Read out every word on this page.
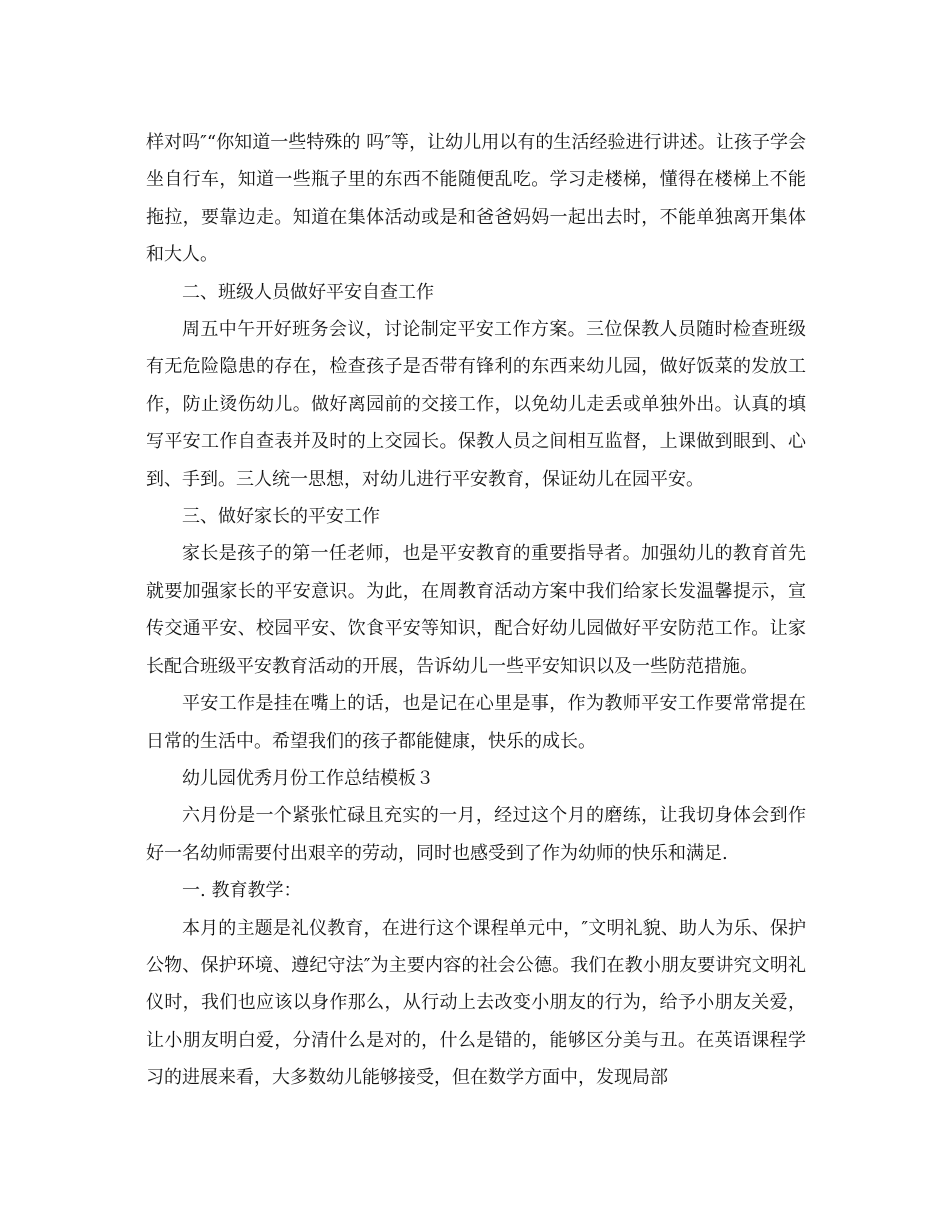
样对吗″“你知道一些特殊的 吗″等，让幼儿用以有的生活经验进行讲述。让孩子学会坐自行车，知道一些瓶子里的东西不能随便乱吃。学习走楼梯，懂得在楼梯上不能拖拉，要靠边走。知道在集体活动或是和爸爸妈妈一起出去时，不能单独离开集体和大人。

二、班级人员做好平安自查工作

周五中午开好班务会议，讨论制定平安工作方案。三位保教人员随时检查班级有无危险隐患的存在，检查孩子是否带有锋利的东西来幼儿园，做好饭菜的发放工作，防止烫伤幼儿。做好离园前的交接工作，以免幼儿走丢或单独外出。认真的填写平安工作自查表并及时的上交园长。保教人员之间相互监督，上课做到眼到、心到、手到。三人统一思想，对幼儿进行平安教育，保证幼儿在园平安。

三、做好家长的平安工作

家长是孩子的第一任老师，也是平安教育的重要指导者。加强幼儿的教育首先就要加强家长的平安意识。为此，在周教育活动方案中我们给家长发温馨提示，宣传交通平安、校园平安、饮食平安等知识，配合好幼儿园做好平安防范工作。让家长配合班级平安教育活动的开展，告诉幼儿一些平安知识以及一些防范措施。

平安工作是挂在嘴上的话，也是记在心里是事，作为教师平安工作要常常提在日常的生活中。希望我们的孩子都能健康，快乐的成长。

幼儿园优秀月份工作总结模板３

六月份是一个紧张忙碌且充实的一月，经过这个月的磨练，让我切身体会到作好一名幼师需要付出艰辛的劳动，同时也感受到了作为幼师的快乐和满足.

一. 教育教学：

本月的主题是礼仪教育，在进行这个课程单元中，″文明礼貌、助人为乐、保护公物、保护环境、遵纪守法″为主要内容的社会公德。我们在教小朋友要讲究文明礼仪时，我们也应该以身作那么，从行动上去改变小朋友的行为，给予小朋友关爱，让小朋友明白爱，分清什么是对的，什么是错的，能够区分美与丑。在英语课程学习的进展来看，大多数幼儿能够接受，但在数学方面中，发现局部
